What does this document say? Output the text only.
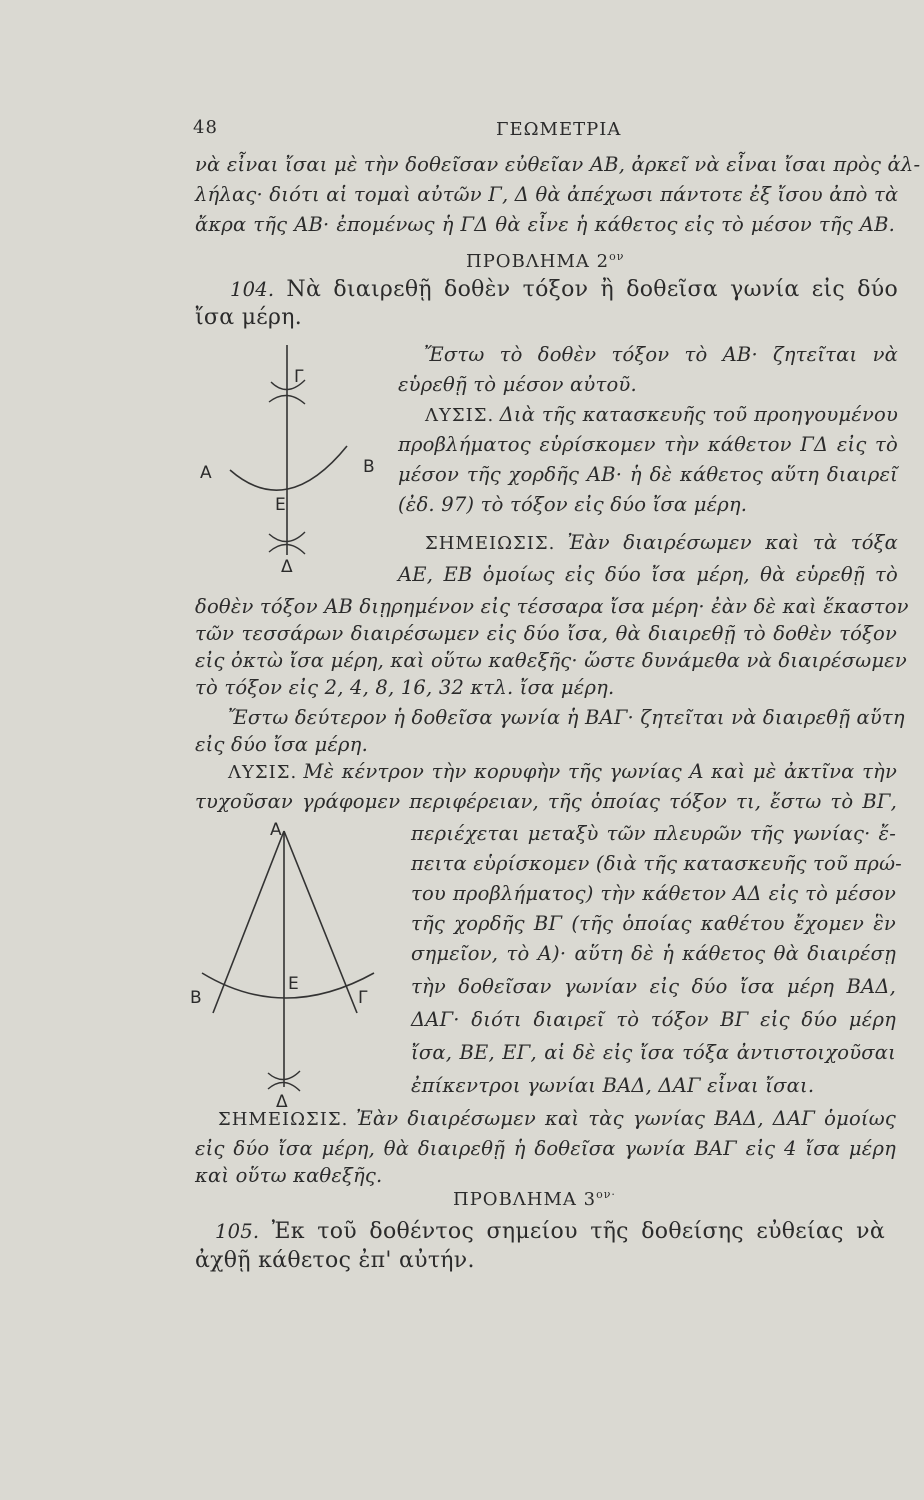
48	ΓΕΩΜΕΤΡΙΑ
νὰ εἶναι ἴσαι μὲ τὴν δοθεῖσαν εὐθεῖαν ΑΒ, ἀρκεῖ νὰ εἶναι ἴσαι πρὸς ἀλ-
λήλας· διότι αἱ τομαὶ αὐτῶν Γ, Δ θὰ ἀπέχωσι πάντοτε ἐξ ἴσου ἀπὸ τὰ
ἄκρα τῆς ΑΒ· ἐπομένως ἡ ΓΔ θὰ εἶνε ἡ κάθετος εἰς τὸ μέσον τῆς ΑΒ.
ΠΡΟΒΛΗΜΑ $2^{o\nu}$
104. Νὰ διαιρεθῇ δοθὲν τόξον ἢ δοθεῖσα γωνία εἰς δύο
ἴσα μέρη.
Γ
A	B
E
Δ
Ἔστω τὸ δοθὲν τόξον τὸ ΑΒ· ζητεῖται νὰ
εὑρεθῇ τὸ μέσον αὐτοῦ.
ΛΥΣΙΣ. Διὰ τῆς κατασκευῆς τοῦ προηγουμένου
προβλήματος εὑρίσκομεν τὴν κάθετον ΓΔ εἰς τὸ
μέσον τῆς χορδῆς ΑΒ· ἡ δὲ κάθετος αὕτη διαιρεῖ
(ἐδ. 97) τὸ τόξον εἰς δύο ἴσα μέρη.
ΣΗΜΕΙΩΣΙΣ. Ἐὰν διαιρέσωμεν καὶ τὰ τόξα
ΑΕ, ΕΒ ὁμοίως εἰς δύο ἴσα μέρη, θὰ εὑρεθῇ τὸ
δοθὲν τόξον ΑΒ διῃρημένον εἰς τέσσαρα ἴσα μέρη· ἐὰν δὲ καὶ ἕκαστον
τῶν τεσσάρων διαιρέσωμεν εἰς δύο ἴσα, θὰ διαιρεθῇ τὸ δοθὲν τόξον
εἰς ὀκτὼ ἴσα μέρη, καὶ οὕτω καθεξῆς· ὥστε δυνάμεθα νὰ διαιρέσωμεν
τὸ τόξον εἰς 2, 4, 8, 16, 32 κτλ. ἴσα μέρη.
Ἔστω δεύτερον ἡ δοθεῖσα γωνία ἡ ΒΑΓ· ζητεῖται νὰ διαιρεθῇ αὕτη
εἰς δύο ἴσα μέρη.
ΛΥΣΙΣ. Μὲ κέντρον τὴν κορυφὴν τῆς γωνίας Α καὶ μὲ ἀκτῖνα τὴν
τυχοῦσαν γράφομεν περιφέρειαν, τῆς ὁποίας τόξον τι, ἔστω τὸ ΒΓ,
A
B	Γ
E
Δ
περιέχεται μεταξὺ τῶν πλευρῶν τῆς γωνίας· ἔ-
πειτα εὑρίσκομεν (διὰ τῆς κατασκευῆς τοῦ πρώ-
του προβλήματος) τὴν κάθετον ΑΔ εἰς τὸ μέσον
τῆς χορδῆς ΒΓ (τῆς ὁποίας καθέτου ἔχομεν ἓν
σημεῖον, τὸ Α)· αὕτη δὲ ἡ κάθετος θὰ διαιρέσῃ
τὴν δοθεῖσαν γωνίαν εἰς δύο ἴσα μέρη ΒΑΔ,
ΔΑΓ· διότι διαιρεῖ τὸ τόξον ΒΓ εἰς δύο μέρη
ἴσα, ΒΕ, ΕΓ, αἱ δὲ εἰς ἴσα τόξα ἀντιστοιχοῦσαι
ἐπίκεντροι γωνίαι ΒΑΔ, ΔΑΓ εἶναι ἴσαι.
ΣΗΜΕΙΩΣΙΣ. Ἐὰν διαιρέσωμεν καὶ τὰς γωνίας ΒΑΔ, ΔΑΓ ὁμοίως
εἰς δύο ἴσα μέρη, θὰ διαιρεθῇ ἡ δοθεῖσα γωνία ΒΑΓ εἰς 4 ἴσα μέρη
καὶ οὕτω καθεξῆς.
ΠΡΟΒΛΗΜΑ $3^{o\nu\cdot}$
105. Ἐκ τοῦ δοθέντος σημείου τῆς δοθείσης εὐθείας νὰ
ἀχθῇ κάθετος ἐπ' αὐτήν.
